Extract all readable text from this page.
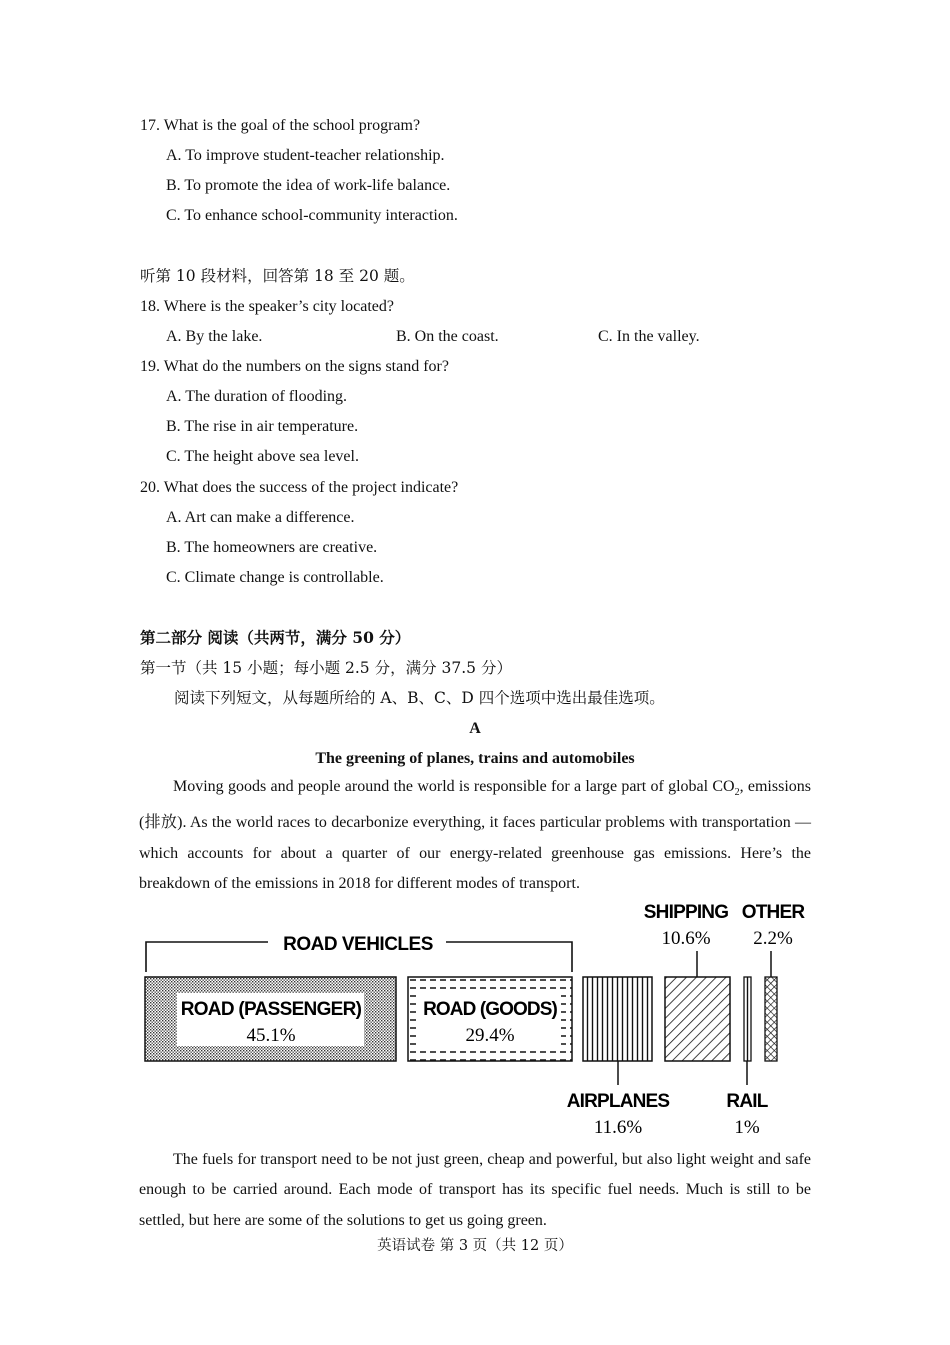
17. What is the goal of the school program?
A. To improve student-teacher relationship.
B. To promote the idea of work-life balance.
C. To enhance school-community interaction.
听第 10 段材料，回答第 18 至 20 题。
18. Where is the speaker’s city located?
A. By the lake.	B. On the coast.	C. In the valley.
19. What do the numbers on the signs stand for?
A. The duration of flooding.
B. The rise in air temperature.
C. The height above sea level.
20. What does the success of the project indicate?
A. Art can make a difference.
B. The homeowners are creative.
C. Climate change is controllable.
第二部分 阅读（共两节，满分 50 分）
第一节（共 15 小题；每小题 2.5 分，满分 37.5 分）
阅读下列短文，从每题所给的 A、B、C、D 四个选项中选出最佳选项。
A
The greening of planes, trains and automobiles

Moving goods and people around the world is responsible for a large part of global $CO_2$, emissions (排放). As the world races to decarbonize everything, it faces particular problems with transportation — which accounts for about a quarter of our energy-related greenhouse gas emissions. Here’s the breakdown of the emissions in 2018 for different modes of transport.

ROAD VEHICLES
ROAD (PASSENGER)
45.1%
ROAD (GOODS)
29.4%
AIRPLANES
11.6%
SHIPPING
10.6%
RAIL
1%
OTHER
2.2%

The fuels for transport need to be not just green, cheap and powerful, but also light weight and safe enough to be carried around. Each mode of transport has its specific fuel needs. Much is still to be settled, but here are some of the solutions to get us going green.

英语试卷 第 3 页（共 12 页）
